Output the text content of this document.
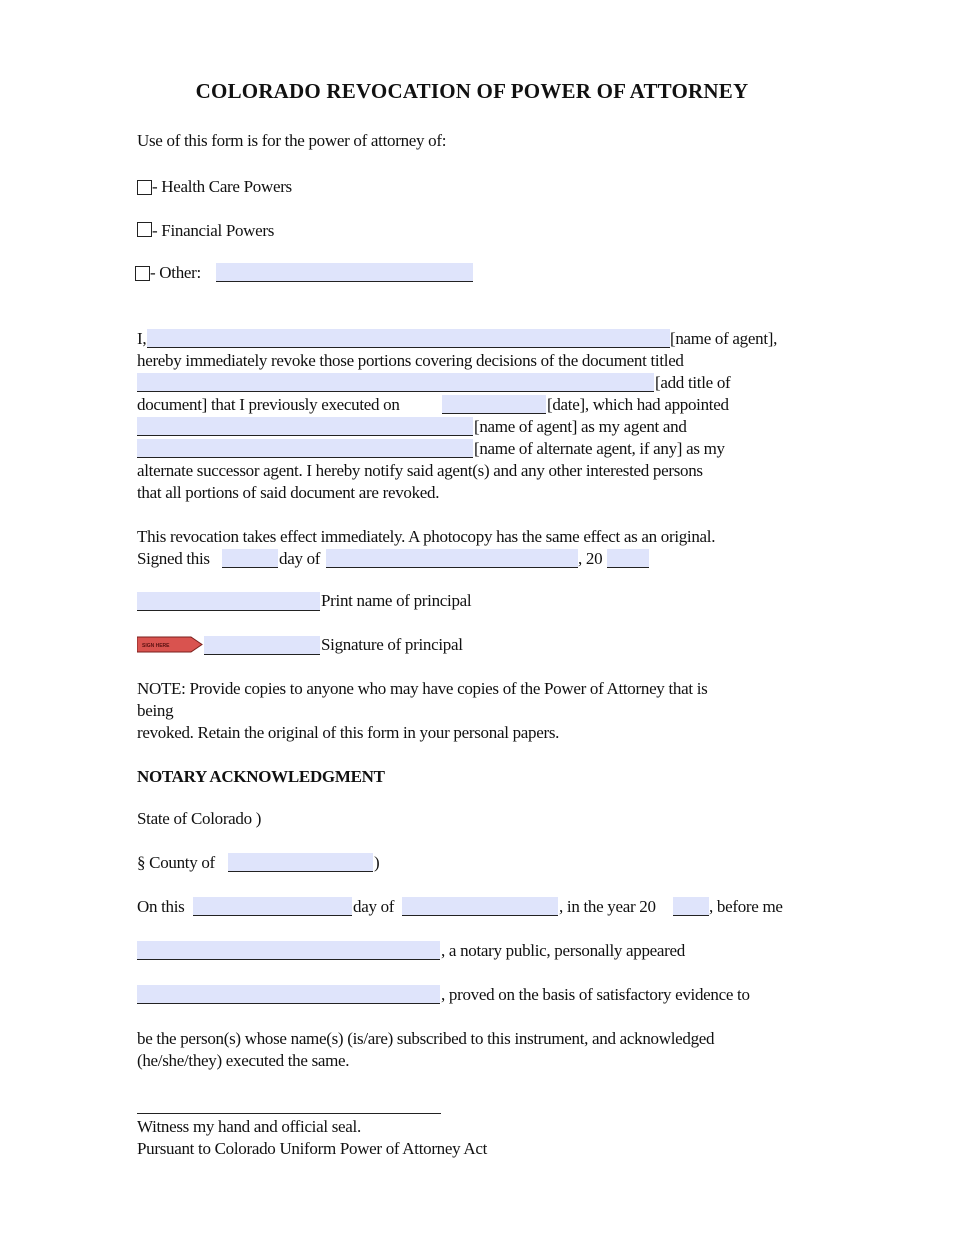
COLORADO REVOCATION OF POWER OF ATTORNEY
Use of this form is for the power of attorney of:
- Health Care Powers
- Financial Powers
- Other:
I,	[name of agent],
hereby immediately revoke those portions covering decisions of the document titled
[add title of
document] that I previously executed on	[date], which had appointed
[name of agent] as my agent and
[name of alternate agent, if any] as my
alternate successor agent. I hereby notify said agent(s) and any other interested persons
that all portions of said document are revoked.
This revocation takes effect immediately. A photocopy has the same effect as an original.
Signed this	day of	, 20
Print name of principal
SIGN HERE	Signature of principal
NOTE: Provide copies to anyone who may have copies of the Power of Attorney that is
being
revoked. Retain the original of this form in your personal papers.
NOTARY ACKNOWLEDGMENT
State of Colorado )
§ County of	)
On this	day of	, in the year 20	, before me
, a notary public, personally appeared
, proved on the basis of satisfactory evidence to
be the person(s) whose name(s) (is/are) subscribed to this instrument, and acknowledged
(he/she/they) executed the same.
Witness my hand and official seal.
Pursuant to Colorado Uniform Power of Attorney Act
